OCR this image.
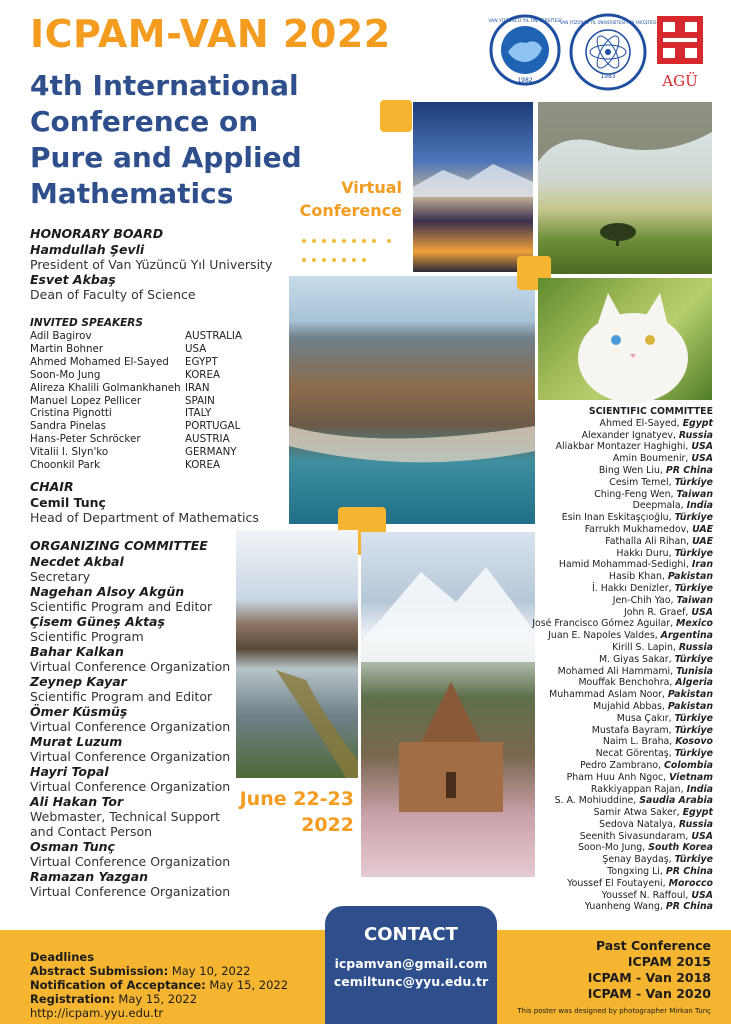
ICPAM-VAN 2022
4th International
Conference on
Pure and Applied
Mathematics	Virtual
Conference

1982
VAN YÜZÜNCÜ YIL ÜNİVERSİTESİ
1983
VAN YÜZÜNCÜ YIL ÜNİVERSİTESİ FEN FAKÜLTESİ
AGÜ
HONORARY BOARD
Hamdullah Şevli
President of Van Yüzüncü Yıl University
Esvet Akbaş
Dean of Faculty of Science
INVITED SPEAKERS
Adil Bagirov	AUSTRALIA
Martin Bohner	USA
Ahmed Mohamed El-Sayed	EGYPT
Soon-Mo Jung	KOREA
Alireza Khalili Golmankhaneh IRAN
Manuel Lopez Pellicer	SPAIN
Cristina Pignotti	ITALY
Sandra Pinelas	PORTUGAL
Hans-Peter Schröcker	AUSTRIA
Vitalii I. Slyn'ko	GERMANY
Choonkil Park	KOREA
CHAIR
Cemil Tunç
Head of Department of Mathematics
ORGANIZING COMMITTEE
Necdet Akbal
Secretary
Nagehan Alsoy Akgün
Scientific Program and Editor
Çisem Güneş Aktaş
Scientific Program
Bahar Kalkan
Virtual Conference Organization
Zeynep Kayar
Scientific Program and Editor
Ömer Küsmüş
Virtual Conference Organization
Murat Luzum
Virtual Conference Organization
Hayri Topal
Virtual Conference Organization
Ali Hakan Tor
Webmaster, Technical Support and Contact Person
Osman Tunç
Virtual Conference Organization
Ramazan Yazgan
Virtual Conference Organization
June 22-23
2022
SCIENTIFIC COMMITTEE
Ahmed El-Sayed, Egypt
Alexander Ignatyev, Russia
Aliakbar Montazer Haghighi, USA
Amin Boumenir, USA
Bing Wen Liu, PR China
Cesim Temel, Türkiye
Ching-Feng Wen, Taiwan
Deepmala, India
Esin Inan Eskitaşçıoğlu, Türkiye
Farrukh Mukhamedov, UAE
Fathalla Ali Rihan, UAE
Hakkı Duru, Türkiye
Hamid Mohammad-Sedighi, Iran
Hasib Khan, Pakistan
İ. Hakkı Denizler, Türkiye
Jen-Chih Yao, Taiwan
John R. Graef, USA
José Francisco Gómez Aguilar, Mexico
Juan E. Napoles Valdes, Argentina
Kirill S. Lapin, Russia
M. Giyas Sakar, Türkiye
Mohamed Ali Hammami, Tunisia
Mouffak Benchohra, Algeria
Muhammad Aslam Noor, Pakistan
Mujahid Abbas, Pakistan
Musa Çakır, Türkiye
Mustafa Bayram, Türkiye
Naim L. Braha, Kosovo
Necat Görentaş, Türkiye
Pedro Zambrano, Colombia
Pham Huu Anh Ngoc, Vietnam
Rakkiyappan Rajan, India
S. A. Mohiuddine, Saudia Arabia
Samir Atwa Saker, Egypt
Sedova Natalya, Russia
Seenith Sivasundaram, USA
Soon-Mo Jung, South Korea
Şenay Baydaş, Türkiye
Tongxing Li, PR China
Youssef El Foutayeni, Morocco
Youssef N. Raffoul, USA
Yuanheng Wang, PR China
CONTACT
icpamvan@gmail.com
cemiltunc@yyu.edu.tr
Deadlines
Abstract Submission: May 10, 2022
Notification of Acceptance: May 15, 2022
Registration: May 15, 2022
http://icpam.yyu.edu.tr
Past Conference
ICPAM 2015
ICPAM - Van 2018
ICPAM - Van 2020
This poster was designed by photographer Mirkan Tunç
